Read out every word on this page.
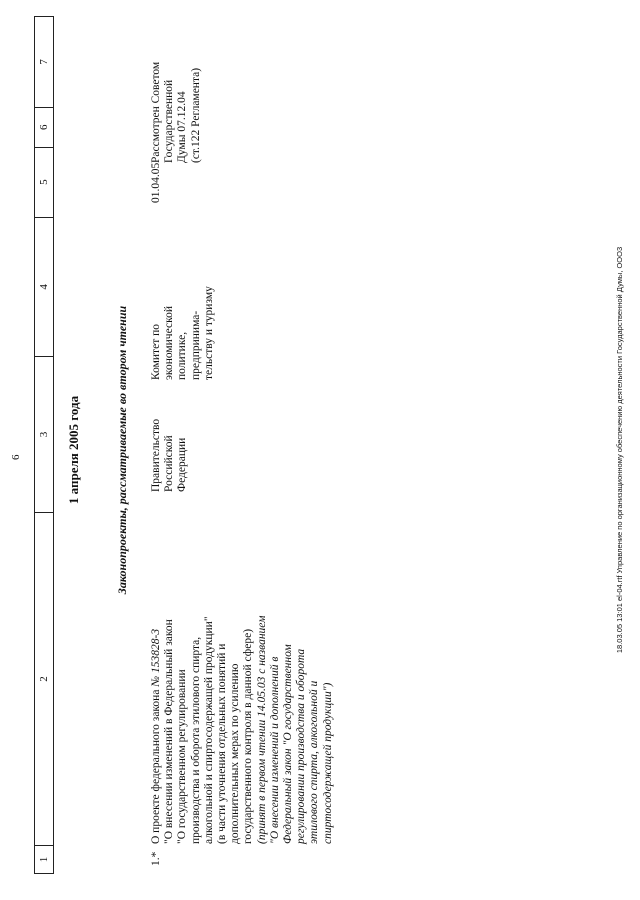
6
1
2
3
4
5
6
7
1 апреля 2005 года	Законопроекты, рассматриваемые во втором чтении
1.*
О проекте федерального закона № 153828-3 "О внесении изменений в Федеральный закон "О государственном регулировании производства и оборота этилового спирта, алкогольной и спиртосодержащей продукции" (в части уточнения отдельных понятий и дополнительных мерах по усилению государственного контроля в данной сфере) (принят в первом чтении 14.05.03 с названием "О внесении изменений и дополнений в Федеральный закон "О государственном регулировании производства и оборота этилового спирта, алкогольной и спиртосодержащей продукции")
Правительство Российской Федерации
Комитет по экономической политике, предпринима- тельству и туризму
01.04.05
Рассмотрен Советом Государственной Думы 07.12.04 (ст.122 Регламента)
18.03.05 13:01 el-04.rtf Управление по организационному обеспечению деятельности Государственной Думы, ООО3
